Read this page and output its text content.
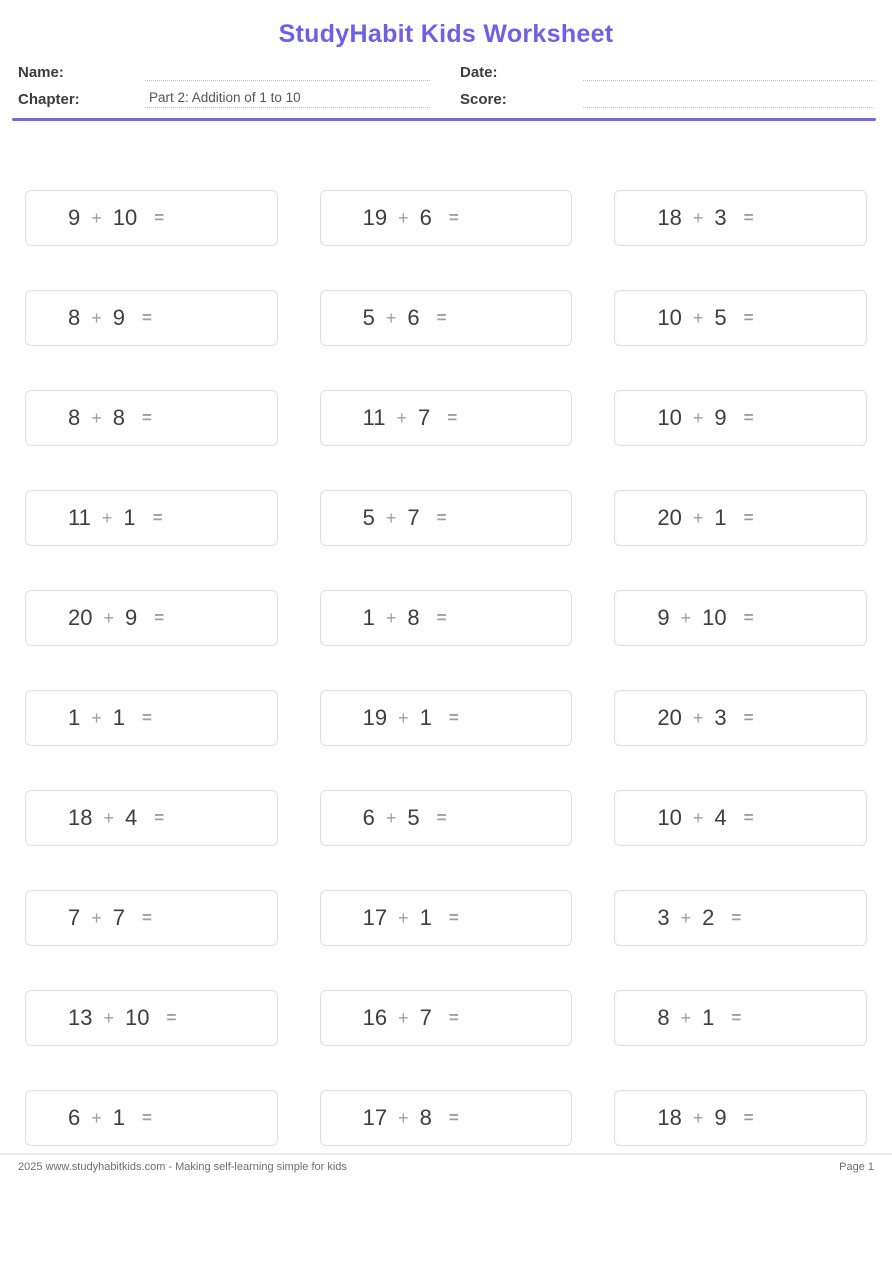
StudyHabit Kids Worksheet
Name:
Chapter:	Part 2: Addition of 1 to 10
Date:
Score:
9 + 10 =	19 + 6 =	18 + 3 =
8 + 9 =	5 + 6 =	10 + 5 =
8 + 8 =	11 + 7 =	10 + 9 =
11 + 1 =	5 + 7 =	20 + 1 =
20 + 9 =	1 + 8 =	9 + 10 =
1 + 1 =	19 + 1 =	20 + 3 =
18 + 4 =	6 + 5 =	10 + 4 =
7 + 7 =	17 + 1 =	3 + 2 =
13 + 10 =	16 + 7 =	8 + 1 =
6 + 1 =	17 + 8 =	18 + 9 =
2025 www.studyhabitkids.com - Making self-learning simple for kids	Page 1
